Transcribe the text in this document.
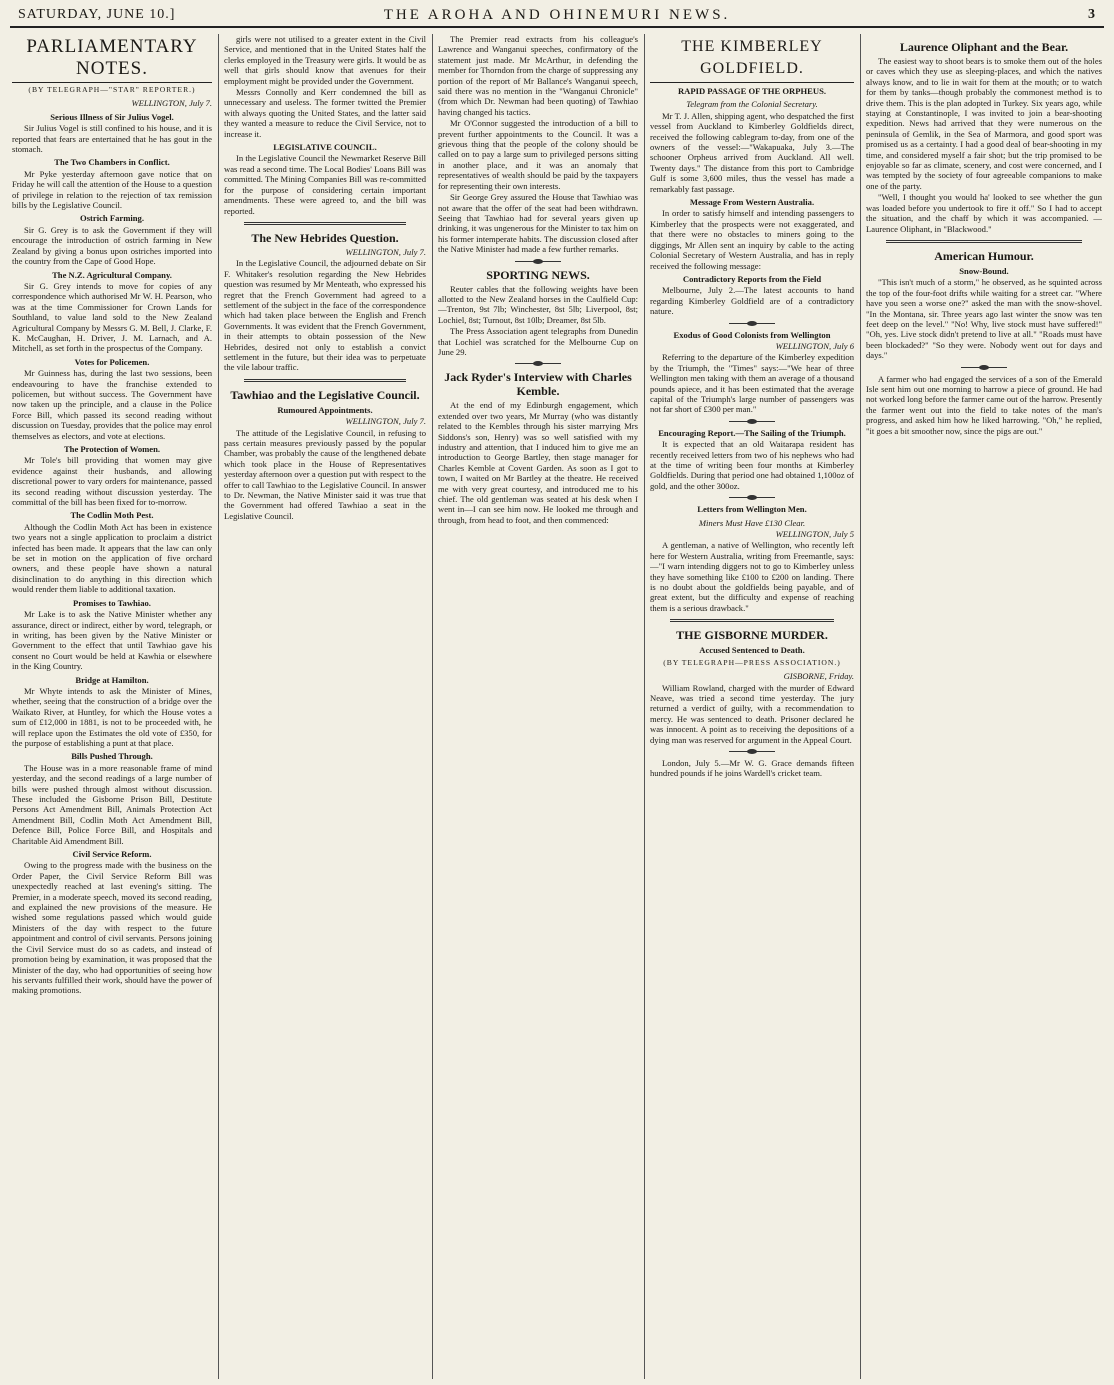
SATURDAY, JUNE 10.]	THE AROHA AND OHINEMURI NEWS.	3
PARLIAMENTARY NOTES.
(BY TELEGRAPH—"STAR" REPORTER.)
WELLINGTON, July 7.
Serious Illness of Sir Julius Vogel.

Sir Julius Vogel is still confined to his house, and it is reported that fears are entertained that he has gout in the stomach.

The Two Chambers in Conflict.

Mr Pyke yesterday afternoon gave notice that on Friday he will call the attention of the House to a question of privilege in relation to the rejection of tax remission bills by the Legislative Council.

Ostrich Farming.

Sir G. Grey is to ask the Government if they will encourage the introduction of ostrich farming in New Zealand by giving a bonus upon ostriches imported into the country from the Cape of Good Hope.

The N.Z. Agricultural Company.

Sir G. Grey intends to move for copies of any correspondence which authorised Mr W. H. Pearson, who was at the time Commissioner for Crown Lands for Southland, to value land sold to the New Zealand Agricultural Company by Messrs G. M. Bell, J. Clarke, F. K. McCaughan, H. Driver, J. M. Larnach, and A. Mitchell, as set forth in the prospectus of the Company.

Votes for Policemen.

Mr Guinness has, during the last two sessions, been endeavouring to have the franchise extended to policemen, but without success. The Government have now taken up the principle, and a clause in the Police Force Bill, which passed its second reading without discussion on Tuesday, provides that the police may enrol themselves as electors, and vote at elections.

The Protection of Women.

Mr Tole's bill providing that women may give evidence against their husbands, and allowing discretional power to vary orders for maintenance, passed its second reading without discussion yesterday. The committal of the bill has been fixed for to-morrow.

The Codlin Moth Pest.

Although the Codlin Moth Act has been in existence two years not a single application to proclaim a district infected has been made. It appears that the law can only be set in motion on the application of five orchard owners, and these people have shown a natural disinclination to do anything in this direction which would render them liable to additional taxation.

Promises to Tawhiao.

Mr Lake is to ask the Native Minister whether any assurance, direct or indirect, either by word, telegraph, or in writing, has been given by the Native Minister or Government to the effect that until Tawhiao gave his consent no Court would be held at Kawhia or elsewhere in the King Country.

Bridge at Hamilton.

Mr Whyte intends to ask the Minister of Mines, whether, seeing that the construction of a bridge over the Waikato River, at Huntley, for which the House votes a sum of £12,000 in 1881, is not to be proceeded with, he will replace upon the Estimates the old vote of £350, for the purpose of establishing a punt at that place.

Bills Pushed Through.

The House was in a more reasonable frame of mind yesterday, and the second readings of a large number of bills were pushed through almost without discussion. These included the Gisborne Prison Bill, Destitute Persons Act Amendment Bill, Animals Protection Act Amendment Bill, Codlin Moth Act Amendment Bill, Defence Bill, Police Force Bill, and Hospitals and Charitable Aid Amendment Bill.

Civil Service Reform.

Owing to the progress made with the business on the Order Paper, the Civil Service Reform Bill was unexpectedly reached at last evening's sitting. The Premier, in a moderate speech, moved its second reading, and explained the new provisions of the measure. He wished some regulations passed which would guide Ministers of the day with respect to the future appointment and control of civil servants. Persons joining the Civil Service must do so as cadets, and instead of promotion being by examination, it was proposed that the Minister of the day, who had opportunities of seeing how his servants fulfilled their work, should have the power of making promotions.

girls were not utilised to a greater extent in the Civil Service, and mentioned that in the United States half the clerks employed in the Treasury were girls. It would be as well that girls should know that avenues for their employment might be provided under the Government.

Messrs Connolly and Kerr condemned the bill as unnecessary and useless. The former twitted the Premier with always quoting the United States, and the latter said they wanted a measure to reduce the Civil Service, not to increase it.

LEGISLATIVE COUNCIL.

In the Legislative Council the Newmarket Reserve Bill was read a second time. The Local Bodies' Loans Bill was committed. The Mining Companies Bill was re-committed for the purpose of considering certain important amendments. These were agreed to, and the bill was reported.

The New Hebrides Question.
WELLINGTON, July 7.

In the Legislative Council, the adjourned debate on Sir F. Whitaker's resolution regarding the New Hebrides question was resumed by Mr Menteath, who expressed his regret that the French Government had agreed to a settlement of the subject in the face of the correspondence which had taken place between the English and French Governments. It was evident that the French Government, in their attempts to obtain possession of the New Hebrides, desired not only to establish a convict settlement in the future, but their idea was to perpetuate the vile labour traffic.

Tawhiao and the Legislative Council.
Rumoured Appointments.
WELLINGTON, July 7.

The attitude of the Legislative Council, in refusing to pass certain measures previously passed by the popular Chamber, was probably the cause of the lengthened debate which took place in the House of Representatives yesterday afternoon over a question put with respect to the offer to call Tawhiao to the Legislative Council. In answer to Dr. Newman, the Native Minister said it was true that the Government had offered Tawhiao a seat in the Legislative Council.

The Premier read extracts from his colleague's Lawrence and Wanganui speeches, confirmatory of the statement just made. Mr McArthur, in defending the member for Thorndon from the charge of suppressing any portion of the report of Mr Ballance's Wanganui speech, said there was no mention in the "Wanganui Chronicle" (from which Dr. Newman had been quoting) of Tawhiao having changed his tactics.

Mr O'Connor suggested the introduction of a bill to prevent further appointments to the Council. It was a grievous thing that the people of the colony should be called on to pay a large sum to privileged persons sitting in another place, and it was an anomaly that representatives of wealth should be paid by the taxpayers for representing their own interests.

Sir George Grey assured the House that Tawhiao was not aware that the offer of the seat had been withdrawn. Seeing that Tawhiao had for several years given up drinking, it was ungenerous for the Minister to tax him on his former intemperate habits. The discussion closed after the Native Minister had made a few further remarks.

SPORTING NEWS.

Reuter cables that the following weights have been allotted to the New Zealand horses in the Caulfield Cup:—Trenton, 9st 7lb; Winchester, 8st 5lb; Liverpool, 8st; Lochiel, 8st; Turnout, 8st 10lb; Dreamer, 8st 5lb.

The Press Association agent telegraphs from Dunedin that Lochiel was scratched for the Melbourne Cup on June 29.

Jack Ryder's Interview with Charles Kemble.

At the end of my Edinburgh engagement, which extended over two years, Mr Murray (who was distantly related to the Kembles through his sister marrying Mrs Siddons's son, Henry) was so well satisfied with my industry and attention, that I induced him to give me an introduction to George Bartley, then stage manager for Charles Kemble at Covent Garden. As soon as I got to town, I waited on Mr Bartley at the theatre. He received me with very great courtesy, and introduced me to his chief. The old gentleman was seated at his desk when I went in—I can see him now. He looked me through and through, from head to foot, and then commenced:

THE KIMBERLEY GOLDFIELD.
RAPID PASSAGE OF THE ORPHEUS.
Telegram from the Colonial Secretary.

Mr T. J. Allen, shipping agent, who despatched the first vessel from Auckland to Kimberley Goldfields direct, received the following cablegram to-day, from one of the owners of the vessel:—"Wakapuaka, July 3.—The schooner Orpheus arrived from Auckland. All well. Twenty days." The distance from this port to Cambridge Gulf is some 3,600 miles, thus the vessel has made a remarkably fast passage.

Message From Western Australia.

In order to satisfy himself and intending passengers to Kimberley that the prospects were not exaggerated, and that there were no obstacles to miners going to the diggings, Mr Allen sent an inquiry by cable to the acting Colonial Secretary of Western Australia, and has in reply received the following message:

Contradictory Reports from the Field

Melbourne, July 2.—The latest accounts to hand regarding Kimberley Goldfield are of a contradictory nature.

Exodus of Good Colonists from Wellington
WELLINGTON, July 6

Referring to the departure of the Kimberley expedition by the Triumph, the "Times" says:—"We hear of three Wellington men taking with them an average of a thousand pounds apiece, and it has been estimated that the average capital of the Triumph's large number of passengers was not far short of £300 per man."

Encouraging Report.—The Sailing of the Triumph.

It is expected that an old Waitarapa resident has recently received letters from two of his nephews who had at the time of writing been four months at Kimberley Goldfields. During that period one had obtained 1,100oz of gold, and the other 300oz.

Letters from Wellington Men.
Miners Must Have £130 Clear.
WELLINGTON, July 5

A gentleman, a native of Wellington, who recently left here for Western Australia, writing from Freemantle, says:—"I warn intending diggers not to go to Kimberley unless they have something like £100 to £200 on landing. There is no doubt about the goldfields being payable, and of great extent, but the difficulty and expense of reaching them is a serious drawback."

THE GISBORNE MURDER.
Accused Sentenced to Death.
(BY TELEGRAPH—PRESS ASSOCIATION.)
GISBORNE, Friday.

William Rowland, charged with the murder of Edward Neave, was tried a second time yesterday. The jury returned a verdict of guilty, with a recommendation to mercy. He was sentenced to death. Prisoner declared he was innocent. A point as to receiving the depositions of a dying man was reserved for argument in the Appeal Court.

London, July 5.—Mr W. G. Grace demands fifteen hundred pounds if he joins Wardell's cricket team.

Laurence Oliphant and the Bear.

The easiest way to shoot bears is to smoke them out of the holes or caves which they use as sleeping-places, and which the natives always know, and to lie in wait for them at the mouth; or to watch for them by tanks—though probably the commonest method is to drive them. This is the plan adopted in Turkey. Six years ago, while staying at Constantinople, I was invited to join a bear-shooting expedition. News had arrived that they were numerous on the peninsula of Gemlik, in the Sea of Marmora, and good sport was promised us as a certainty. I had a good deal of bear-shooting in my time, and considered myself a fair shot; but the trip promised to be enjoyable so far as climate, scenery, and cost were concerned, and I was tempted by the society of four agreeable companions to make one of the party.

"Well, I thought you would ha' looked to see whether the gun was loaded before you undertook to fire it off." So I had to accept the situation, and the chaff by which it was accompanied. — Laurence Oliphant, in "Blackwood."

American Humour.
Snow-Bound.

"This isn't much of a storm," he observed, as he squinted across the top of the four-foot drifts while waiting for a street car. "Where have you seen a worse one?" asked the man with the snow-shovel. "In the Montana, sir. Three years ago last winter the snow was ten feet deep on the level." "No! Why, live stock must have suffered!" "Oh, yes. Live stock didn't pretend to live at all." "Roads must have been blockaded?" "So they were. Nobody went out for days and days."

A farmer who had engaged the services of a son of the Emerald Isle sent him out one morning to harrow a piece of ground. He had not worked long before the farmer came out of the harrow. Presently the farmer went out into the field to take notes of the man's progress, and asked him how he liked harrowing. "Oh," he replied, "it goes a bit smoother now, since the pigs are out."
